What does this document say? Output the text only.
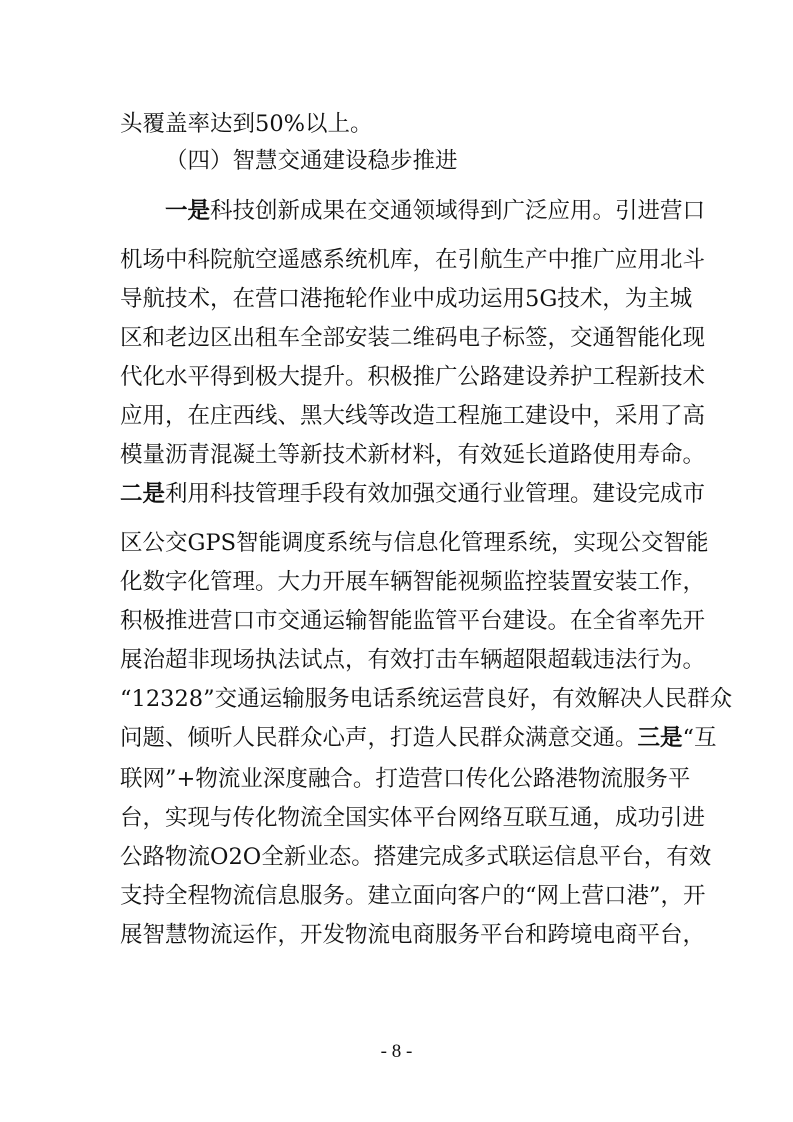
头覆盖率达到50%以上。
（四）智慧交通建设稳步推进
一是科技创新成果在交通领域得到广泛应用。引进营口
机场中科院航空遥感系统机库，在引航生产中推广应用北斗
导航技术，在营口港拖轮作业中成功运用5G技术，为主城
区和老边区出租车全部安装二维码电子标签，交通智能化现
代化水平得到极大提升。积极推广公路建设养护工程新技术
应用，在庄西线、黑大线等改造工程施工建设中，采用了高
模量沥青混凝土等新技术新材料，有效延长道路使用寿命。
二是利用科技管理手段有效加强交通行业管理。建设完成市
区公交GPS智能调度系统与信息化管理系统，实现公交智能
化数字化管理。大力开展车辆智能视频监控装置安装工作，
积极推进营口市交通运输智能监管平台建设。在全省率先开
展治超非现场执法试点，有效打击车辆超限超载违法行为。
“12328”交通运输服务电话系统运营良好，有效解决人民群众
问题、倾听人民群众心声，打造人民群众满意交通。三是“互
联网”+物流业深度融合。打造营口传化公路港物流服务平
台，实现与传化物流全国实体平台网络互联互通，成功引进
公路物流O2O全新业态。搭建完成多式联运信息平台，有效
支持全程物流信息服务。建立面向客户的“网上营口港”，开
展智慧物流运作，开发物流电商服务平台和跨境电商平台，
- 8 -
